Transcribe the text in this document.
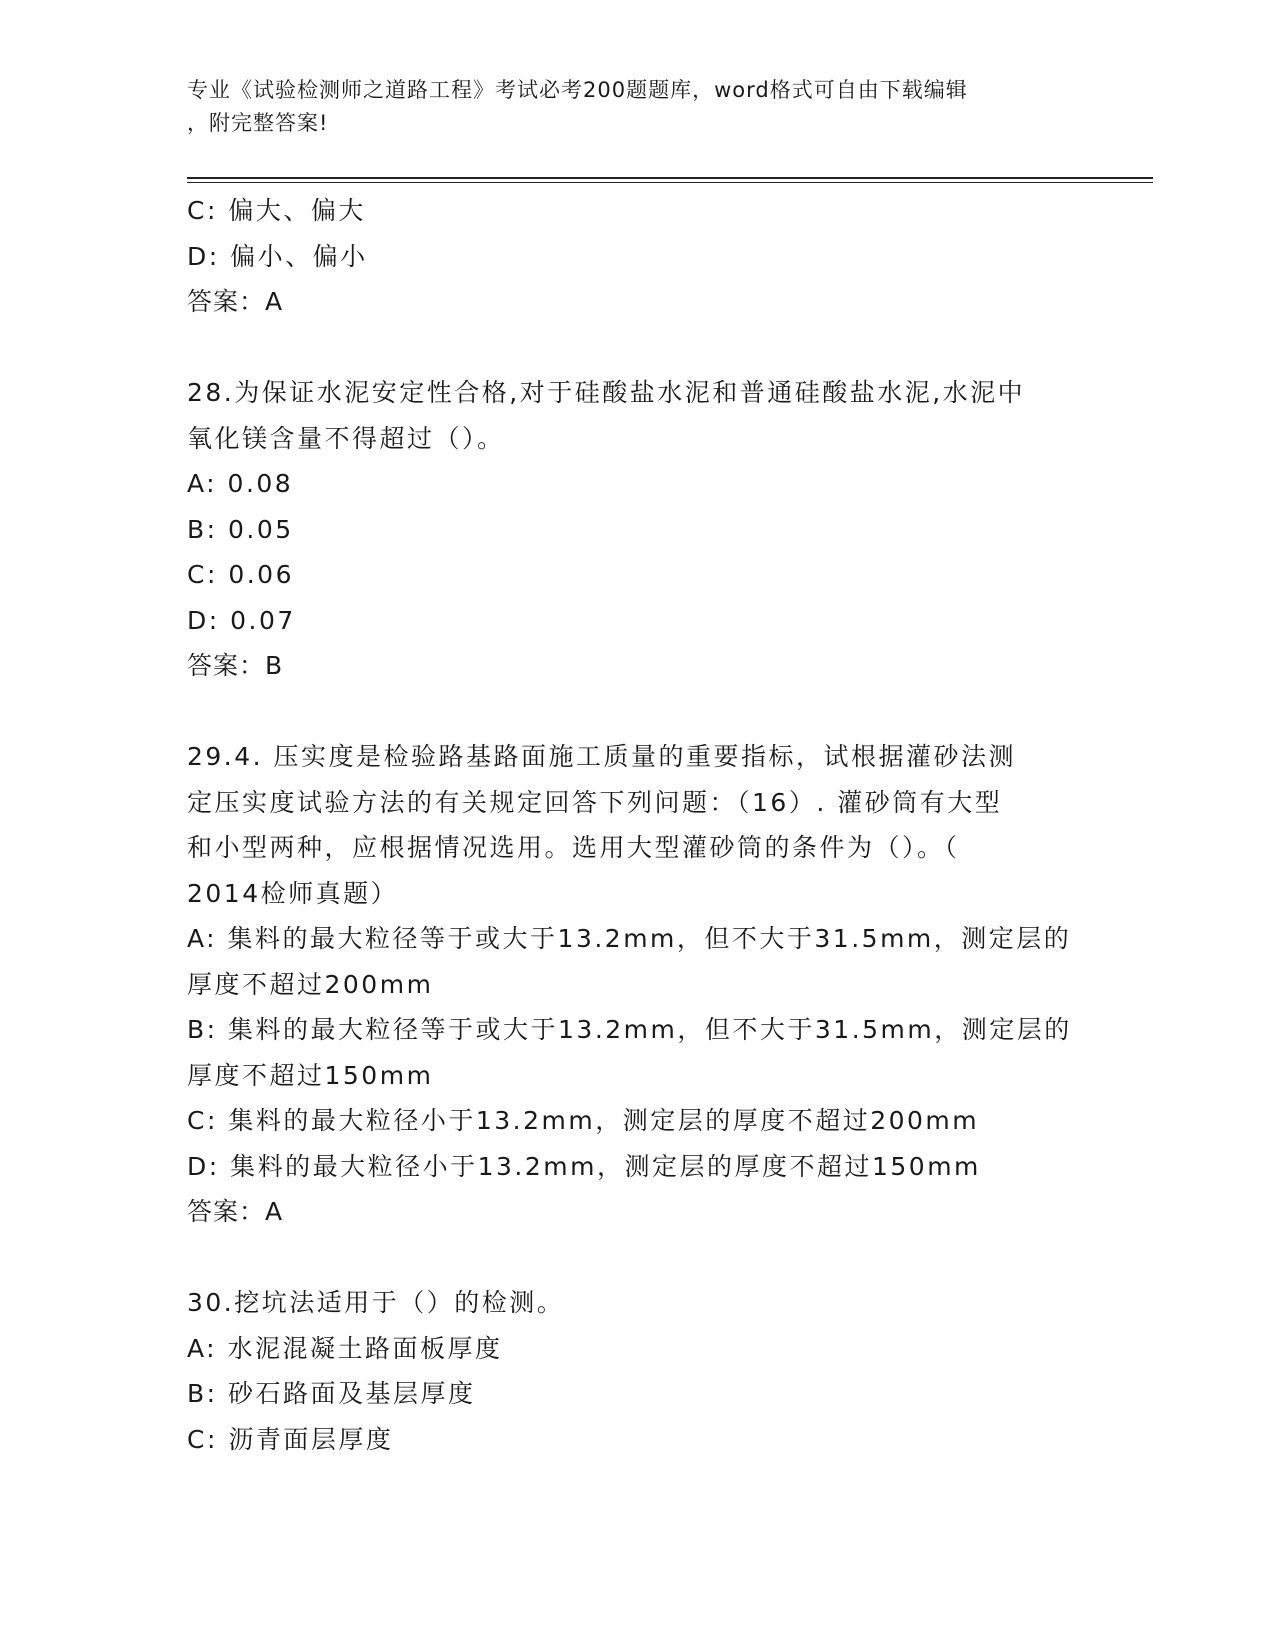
专业《试验检测师之道路工程》考试必考200题题库，word格式可自由下载编辑
，附完整答案!
C: 偏大、偏大
D: 偏小、偏小
答案：A
28.为保证水泥安定性合格,对于硅酸盐水泥和普通硅酸盐水泥,水泥中
氧化镁含量不得超过（）。
A: 0.08
B: 0.05
C: 0.06
D: 0.07
答案：B
29.4. 压实度是检验路基路面施工质量的重要指标，试根据灌砂法测
定压实度试验方法的有关规定回答下列问题：（16）. 灌砂筒有大型
和小型两种，应根据情况选用。选用大型灌砂筒的条件为（）。（
2014检师真题）
A: 集料的最大粒径等于或大于13.2mm，但不大于31.5mm，测定层的
厚度不超过200mm
B: 集料的最大粒径等于或大于13.2mm，但不大于31.5mm，测定层的
厚度不超过150mm
C: 集料的最大粒径小于13.2mm，测定层的厚度不超过200mm
D: 集料的最大粒径小于13.2mm，测定层的厚度不超过150mm
答案：A
30.挖坑法适用于（）的检测。
A: 水泥混凝土路面板厚度
B: 砂石路面及基层厚度
C: 沥青面层厚度
